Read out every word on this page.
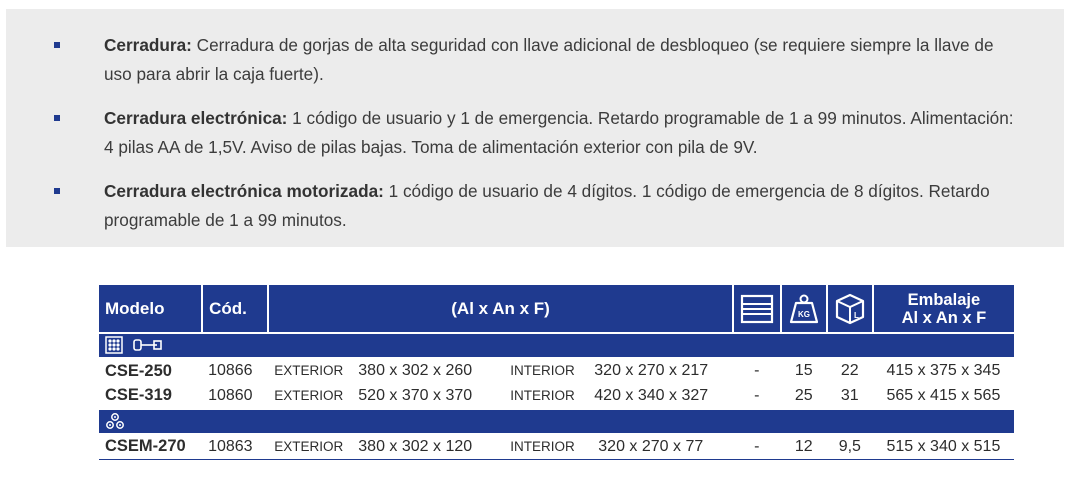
Cerradura: Cerradura de gorjas de alta seguridad con llave adicional de desbloqueo (se requiere siempre la llave de uso para abrir la caja fuerte).
Cerradura electrónica: 1 código de usuario y 1 de emergencia. Retardo programable de 1 a 99 minutos. Alimentación: 4 pilas AA de 1,5V. Aviso de pilas bajas. Toma de alimentación exterior con pila de 9V.
Cerradura electrónica motorizada: 1 código de usuario de 4 dígitos. 1 código de emergencia de 8 dígitos. Retardo programable de 1 a 99 minutos.
Modelo	Cód.	(Al x An x F)		KG	L	Embalaje
Al x An x F

CSE-250	10866	EXTERIOR 380 x 302 x 260 INTERIOR 320 x 270 x 217	-	15	22	415 x 375 x 345
CSE-319	10860	EXTERIOR 520 x 370 x 370 INTERIOR 420 x 340 x 327	-	25	31	565 x 415 x 565

CSEM-270	10863	EXTERIOR 380 x 302 x 120 INTERIOR 320 x 270 x 77	-	12	9,5	515 x 340 x 515
